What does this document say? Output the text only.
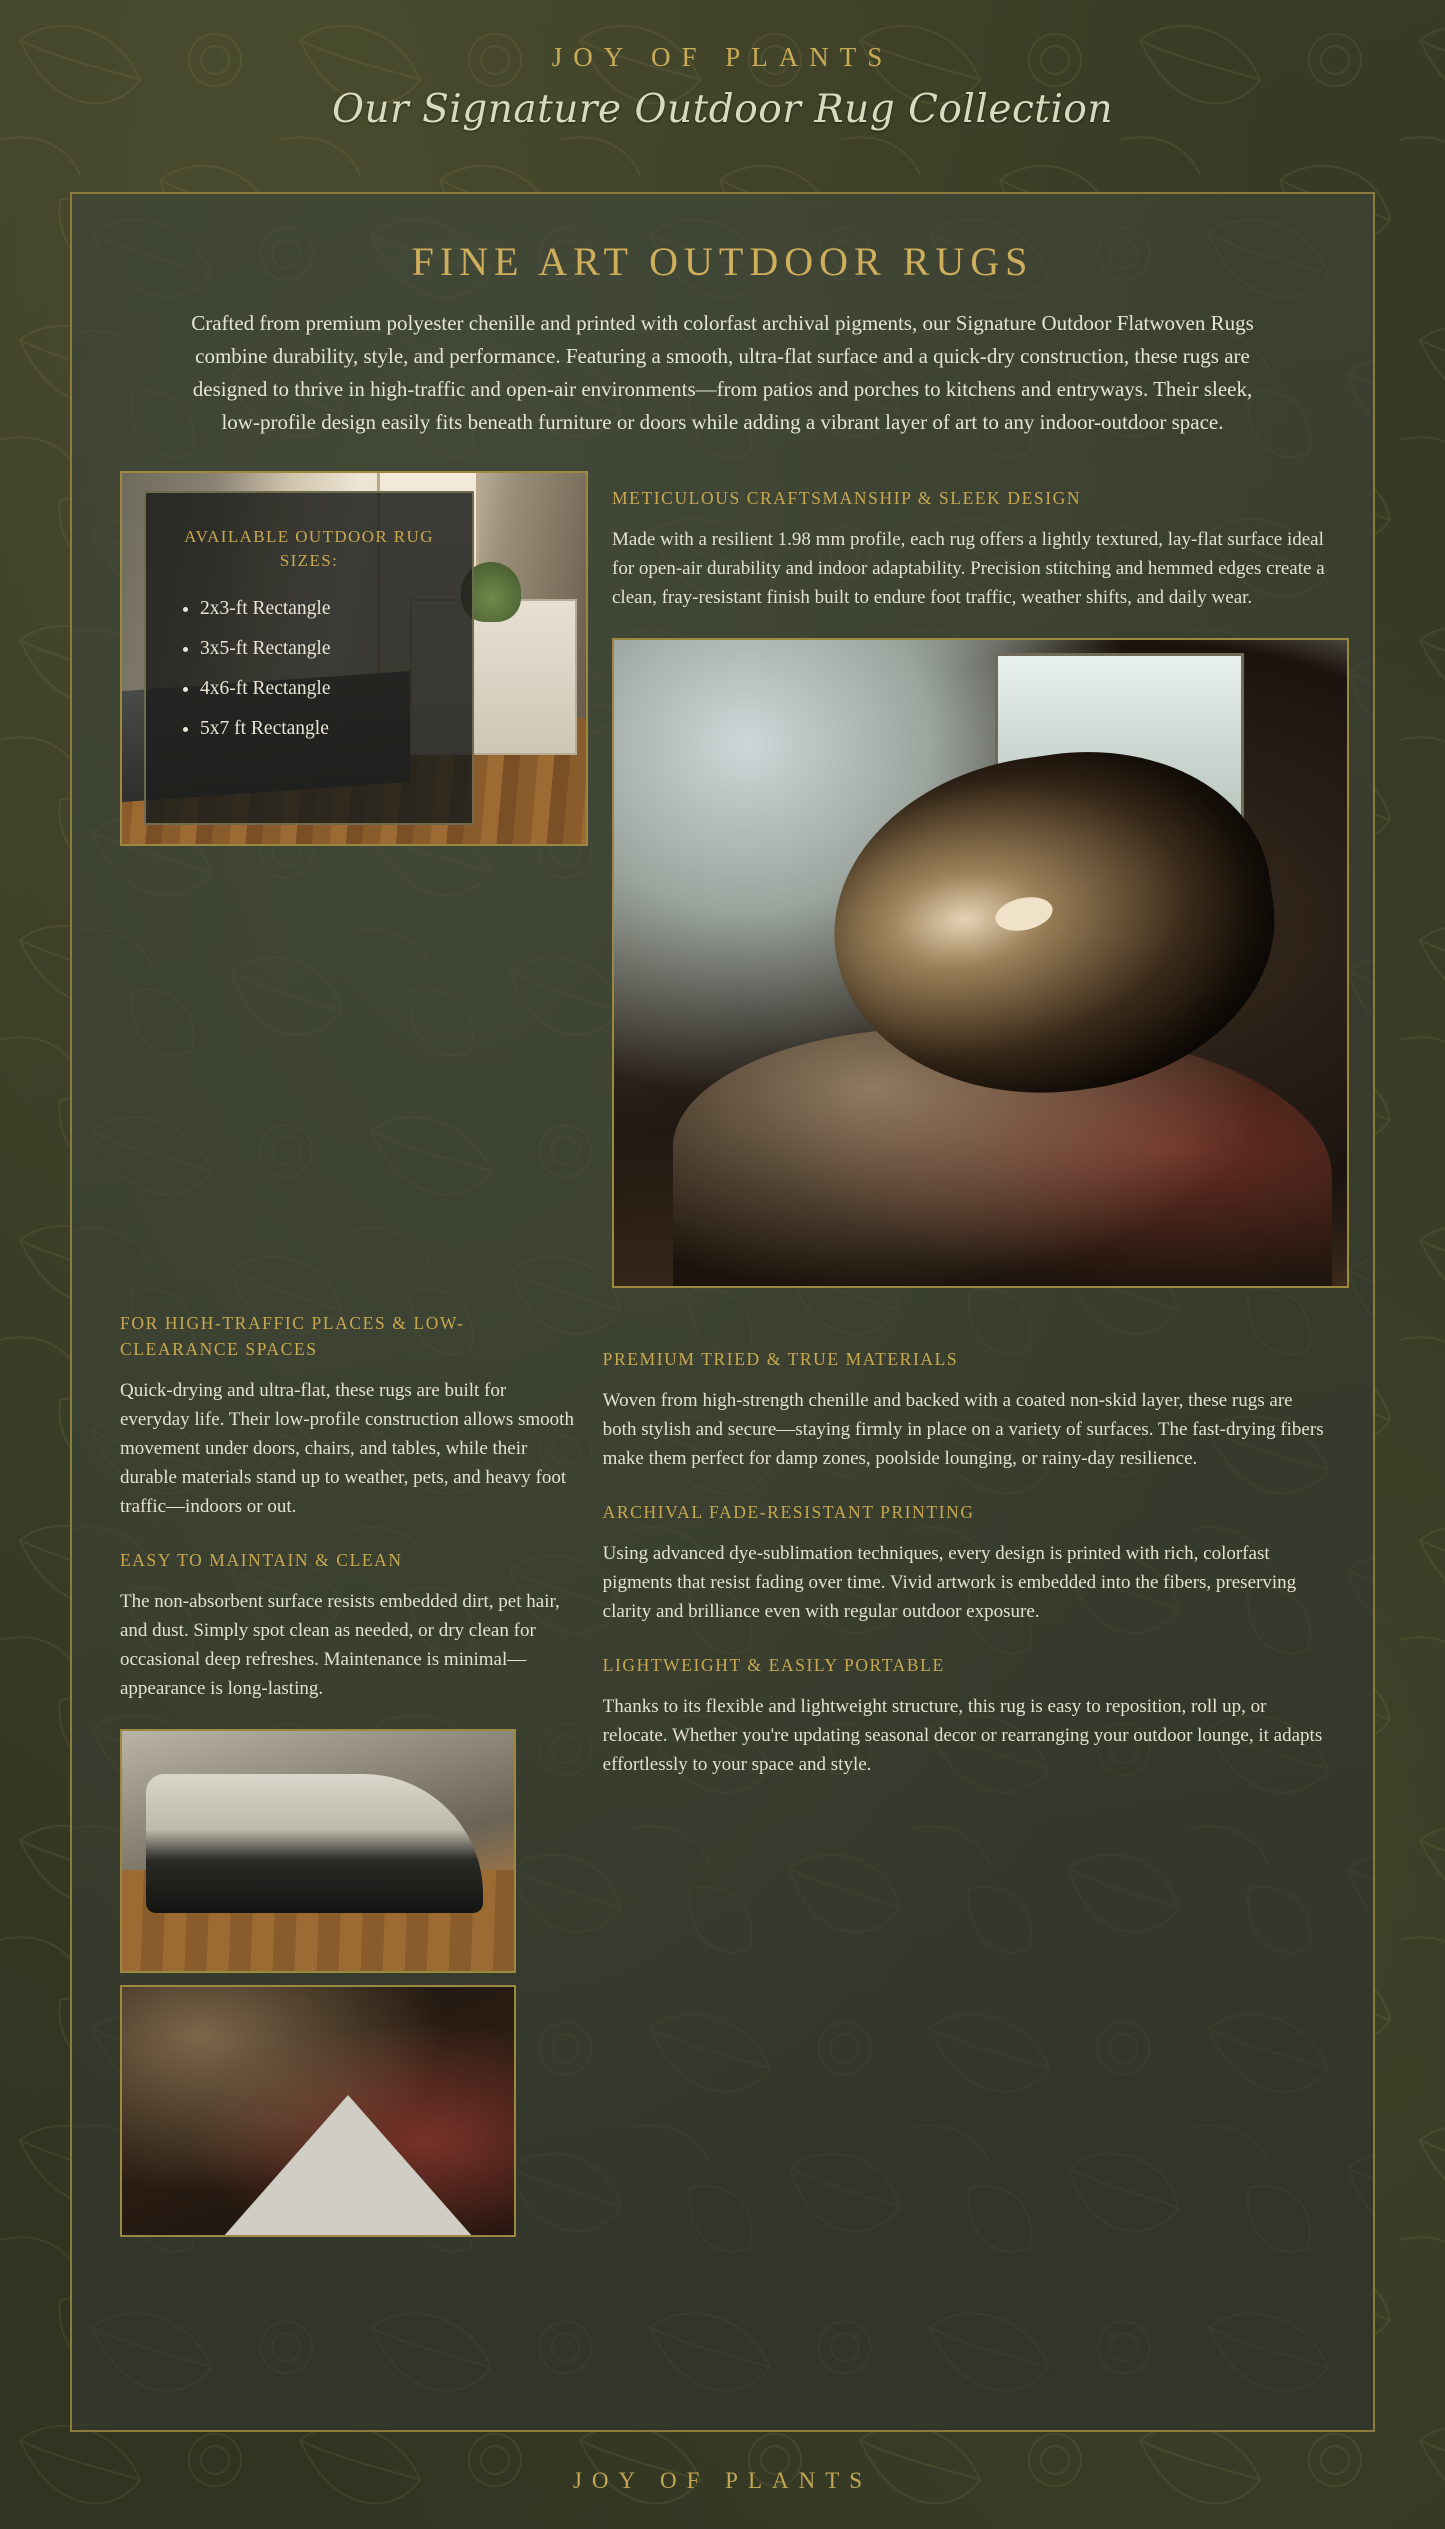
JOY OF PLANTS
Our Signature Outdoor Rug Collection
FINE ART OUTDOOR RUGS

Crafted from premium polyester chenille and printed with colorfast archival pigments, our Signature Outdoor Flatwoven Rugs combine durability, style, and performance. Featuring a smooth, ultra-flat surface and a quick-dry construction, these rugs are designed to thrive in high-traffic and open-air environments—from patios and porches to kitchens and entryways. Their sleek, low-profile design easily fits beneath furniture or doors while adding a vibrant layer of art to any indoor-outdoor space.

AVAILABLE OUTDOOR RUG SIZES:
• 2x3-ft Rectangle
• 3x5-ft Rectangle
• 4x6-ft Rectangle
• 5x7 ft Rectangle
METICULOUS CRAFTSMANSHIP & SLEEK DESIGN

Made with a resilient 1.98 mm profile, each rug offers a lightly textured, lay-flat surface ideal for open-air durability and indoor adaptability. Precision stitching and hemmed edges create a clean, fray-resistant finish built to endure foot traffic, weather shifts, and daily wear.

FOR HIGH-TRAFFIC PLACES & LOW-CLEARANCE SPACES

Quick-drying and ultra-flat, these rugs are built for everyday life. Their low-profile construction allows smooth movement under doors, chairs, and tables, while their durable materials stand up to weather, pets, and heavy foot traffic—indoors or out.

EASY TO MAINTAIN & CLEAN

The non-absorbent surface resists embedded dirt, pet hair, and dust. Simply spot clean as needed, or dry clean for occasional deep refreshes. Maintenance is minimal—appearance is long-lasting.

PREMIUM TRIED & TRUE MATERIALS

Woven from high-strength chenille and backed with a coated non-skid layer, these rugs are both stylish and secure—staying firmly in place on a variety of surfaces. The fast-drying fibers make them perfect for damp zones, poolside lounging, or rainy-day resilience.

ARCHIVAL FADE-RESISTANT PRINTING

Using advanced dye-sublimation techniques, every design is printed with rich, colorfast pigments that resist fading over time. Vivid artwork is embedded into the fibers, preserving clarity and brilliance even with regular outdoor exposure.

LIGHTWEIGHT & EASILY PORTABLE

Thanks to its flexible and lightweight structure, this rug is easy to reposition, roll up, or relocate. Whether you're updating seasonal decor or rearranging your outdoor lounge, it adapts effortlessly to your space and style.

JOY OF PLANTS
